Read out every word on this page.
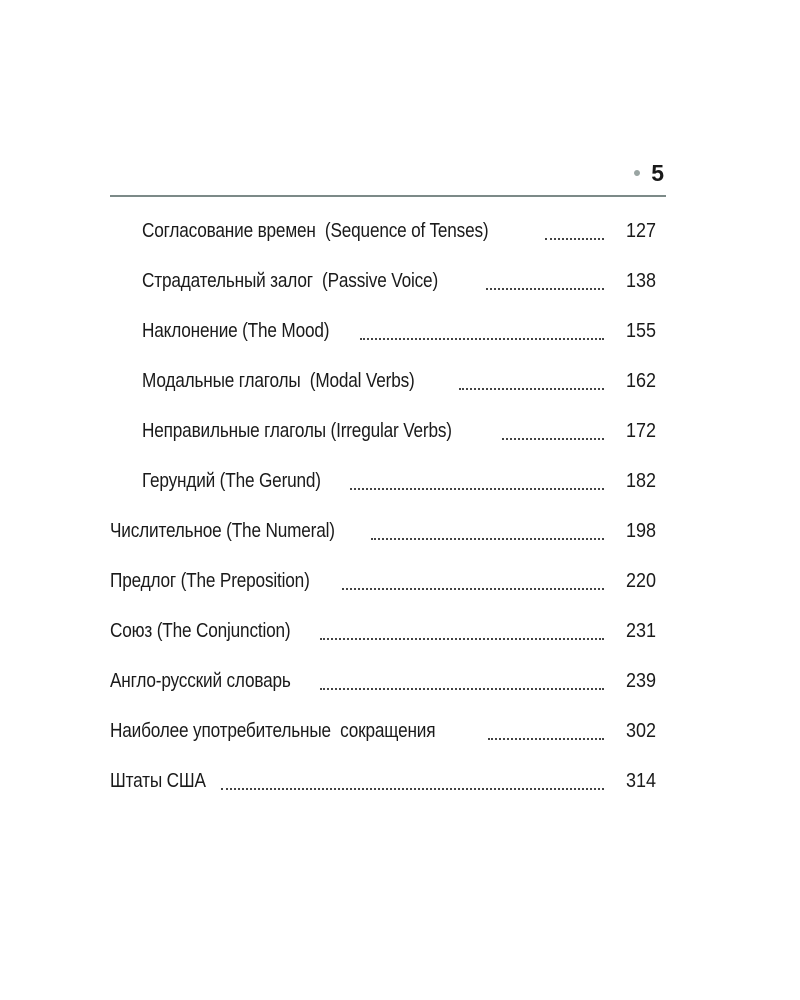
5
Согласование времен  (Sequence of Tenses)	127
Страдательный залог  (Passive Voice)	138
Наклонение (The Mood)	155
Модальные глаголы  (Modal Verbs)	162
Неправильные глаголы (Irregular Verbs)	172
Герундий (The Gerund)	182
Числительное (The Numeral)	198
Предлог (The Preposition)	220
Союз (The Conjunction)	231
Англо-русский словарь	239
Наиболее употребительные  сокращения	302
Штаты США	314
